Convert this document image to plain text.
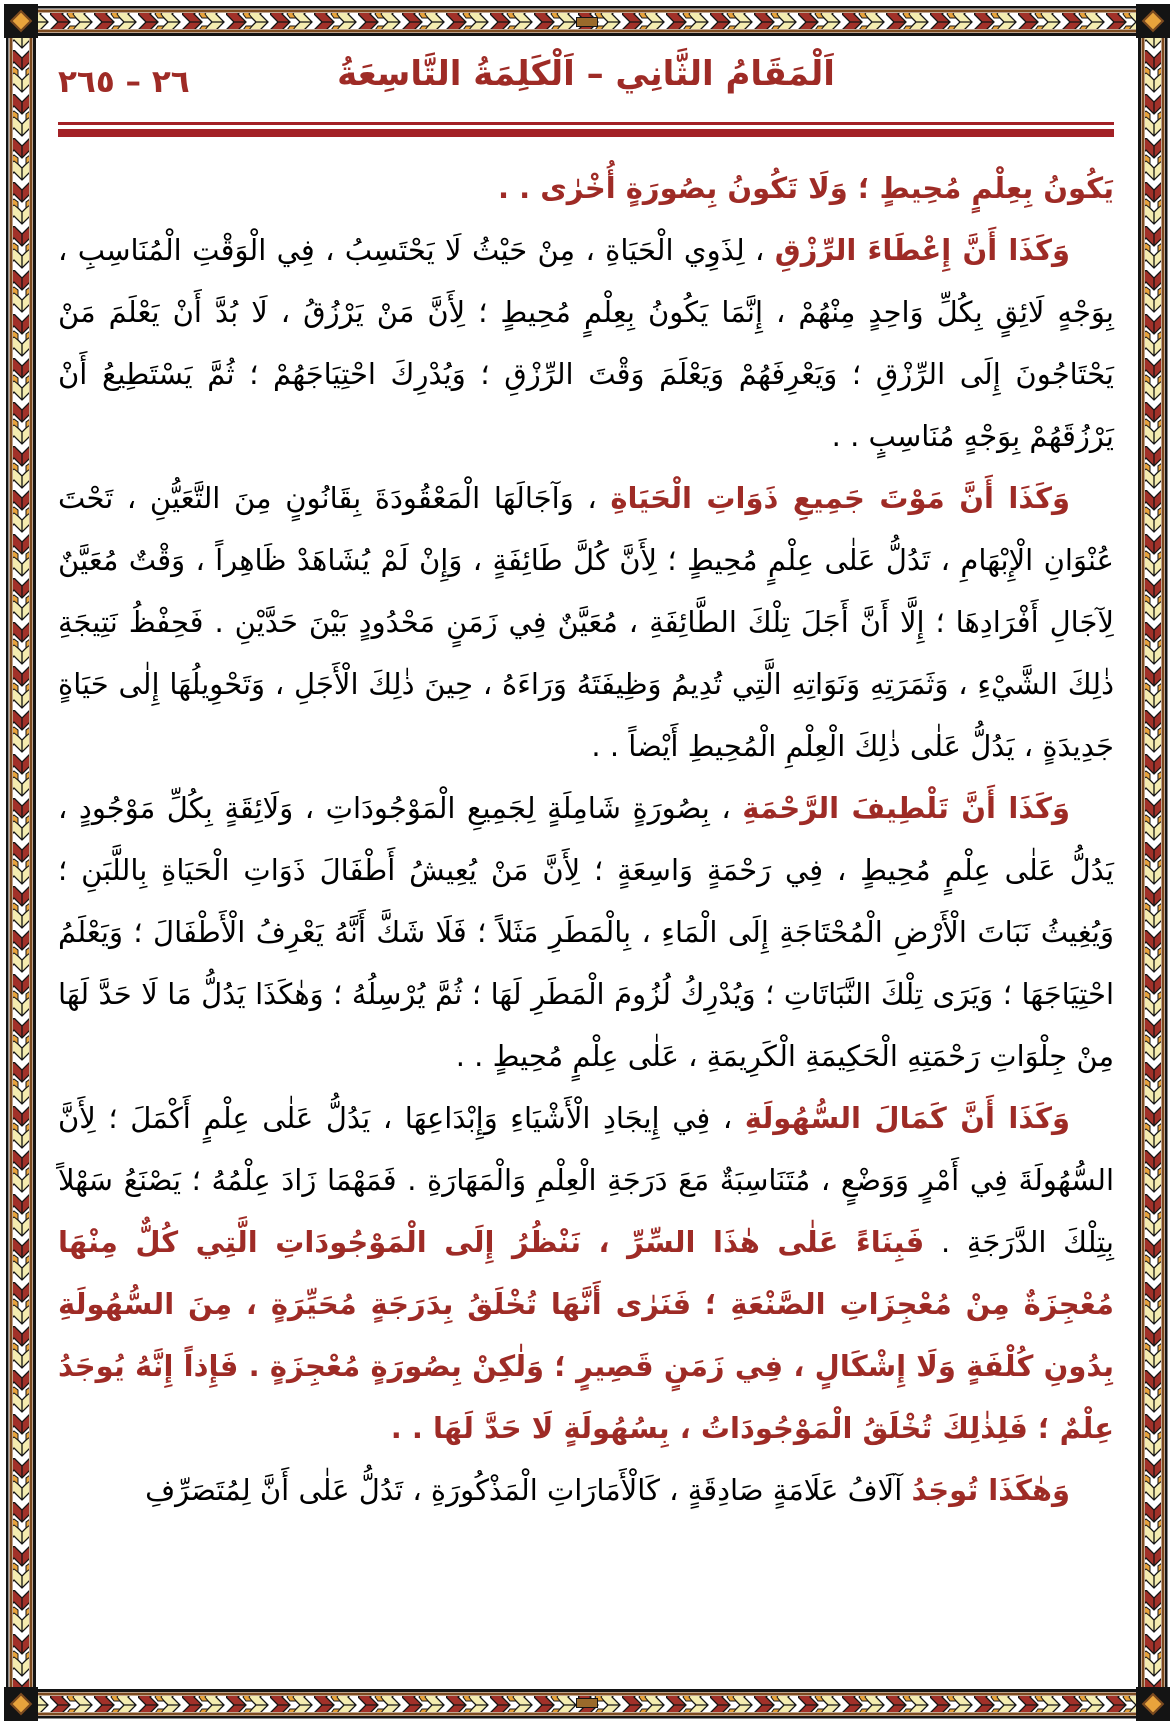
٢٦ – ٢٦٥	اَلْمَقَامُ الثَّانِي – اَلْكَلِمَةُ التَّاسِعَةُ

يَكُونُ بِعِلْمٍ مُحِيطٍ ؛ وَلَا تَكُونُ بِصُورَةٍ أُخْرٰى . .

وَكَذَا أَنَّ إِعْطَاءَ الرِّزْقِ ، لِذَوِي الْحَيَاةِ ، مِنْ حَيْثُ لَا يَحْتَسِبُ ، فِي الْوَقْتِ الْمُنَاسِبِ ، بِوَجْهٍ لَائِقٍ بِكُلِّ وَاحِدٍ مِنْهُمْ ، إِنَّمَا يَكُونُ بِعِلْمٍ مُحِيطٍ ؛ لِأَنَّ مَنْ يَرْزُقُ ، لَا بُدَّ أَنْ يَعْلَمَ مَنْ يَحْتَاجُونَ إِلَى الرِّزْقِ ؛ وَيَعْرِفَهُمْ وَيَعْلَمَ وَقْتَ الرِّزْقِ ؛ وَيُدْرِكَ احْتِيَاجَهُمْ ؛ ثُمَّ يَسْتَطِيعُ أَنْ يَرْزُقَهُمْ بِوَجْهٍ مُنَاسِبٍ . .

وَكَذَا أَنَّ مَوْتَ جَمِيعِ ذَوَاتِ الْحَيَاةِ ، وَآجَالَهَا الْمَعْقُودَةَ بِقَانُونٍ مِنَ التَّعَيُّنِ ، تَحْتَ عُنْوَانِ الْإِبْهَامِ ، تَدُلُّ عَلٰى عِلْمٍ مُحِيطٍ ؛ لِأَنَّ كُلَّ طَائِفَةٍ ، وَإِنْ لَمْ يُشَاهَدْ ظَاهِراً ، وَقْتٌ مُعَيَّنٌ لِآجَالِ أَفْرَادِهَا ؛ إِلَّا أَنَّ أَجَلَ تِلْكَ الطَّائِفَةِ ، مُعَيَّنٌ فِي زَمَنٍ مَحْدُودٍ بَيْنَ حَدَّيْنِ . فَحِفْظُ نَتِيجَةِ ذٰلِكَ الشَّيْءِ ، وَثَمَرَتِهِ وَنَوَاتِهِ الَّتِي تُدِيمُ وَظِيفَتَهُ وَرَاءَهُ ، حِينَ ذٰلِكَ الْأَجَلِ ، وَتَحْوِيلُهَا إِلٰى حَيَاةٍ جَدِيدَةٍ ، يَدُلُّ عَلٰى ذٰلِكَ الْعِلْمِ الْمُحِيطِ أَيْضاً . .

وَكَذَا أَنَّ تَلْطِيفَ الرَّحْمَةِ ، بِصُورَةٍ شَامِلَةٍ لِجَمِيعِ الْمَوْجُودَاتِ ، وَلَائِقَةٍ بِكُلِّ مَوْجُودٍ ، يَدُلُّ عَلٰى عِلْمٍ مُحِيطٍ ، فِي رَحْمَةٍ وَاسِعَةٍ ؛ لِأَنَّ مَنْ يُعِيشُ أَطْفَالَ ذَوَاتِ الْحَيَاةِ بِاللَّبَنِ ؛ وَيُغِيثُ نَبَاتَ الْأَرْضِ الْمُحْتَاجَةِ إِلَى الْمَاءِ ، بِالْمَطَرِ مَثَلاً ؛ فَلَا شَكَّ أَنَّهُ يَعْرِفُ الْأَطْفَالَ ؛ وَيَعْلَمُ احْتِيَاجَهَا ؛ وَيَرَى تِلْكَ النَّبَاتَاتِ ؛ وَيُدْرِكُ لُزُومَ الْمَطَرِ لَهَا ؛ ثُمَّ يُرْسِلُهُ ؛ وَهٰكَذَا يَدُلُّ مَا لَا حَدَّ لَهَا مِنْ جِلْوَاتِ رَحْمَتِهِ الْحَكِيمَةِ الْكَرِيمَةِ ، عَلٰى عِلْمٍ مُحِيطٍ . .

وَكَذَا أَنَّ كَمَالَ السُّهُولَةِ ، فِي إِيجَادِ الْأَشْيَاءِ وَإِبْدَاعِهَا ، يَدُلُّ عَلٰى عِلْمٍ أَكْمَلَ ؛ لِأَنَّ السُّهُولَةَ فِي أَمْرٍ وَوَضْعٍ ، مُتَنَاسِبَةٌ مَعَ دَرَجَةِ الْعِلْمِ وَالْمَهَارَةِ . فَمَهْمَا زَادَ عِلْمُهُ ؛ يَصْنَعُ سَهْلاً بِتِلْكَ الدَّرَجَةِ . فَبِنَاءً عَلٰى هٰذَا السِّرِّ ، نَنْظُرُ إِلَى الْمَوْجُودَاتِ الَّتِي كُلٌّ مِنْهَا مُعْجِزَةٌ مِنْ مُعْجِزَاتِ الصَّنْعَةِ ؛ فَنَرٰى أَنَّهَا تُخْلَقُ بِدَرَجَةٍ مُحَيِّرَةٍ ، مِنَ السُّهُولَةِ بِدُونِ كُلْفَةٍ وَلَا إِشْكَالٍ ، فِي زَمَنٍ قَصِيرٍ ؛ وَلٰكِنْ بِصُورَةٍ مُعْجِزَةٍ . فَإِذاً إِنَّهُ يُوجَدُ عِلْمٌ ؛ فَلِذٰلِكَ تُخْلَقُ الْمَوْجُودَاتُ ، بِسُهُولَةٍ لَا حَدَّ لَهَا . .

وَهٰكَذَا تُوجَدُ آلَافُ عَلَامَةٍ صَادِقَةٍ ، كَالْأَمَارَاتِ الْمَذْكُورَةِ ، تَدُلُّ عَلٰى أَنَّ لِمُتَصَرِّفِ
